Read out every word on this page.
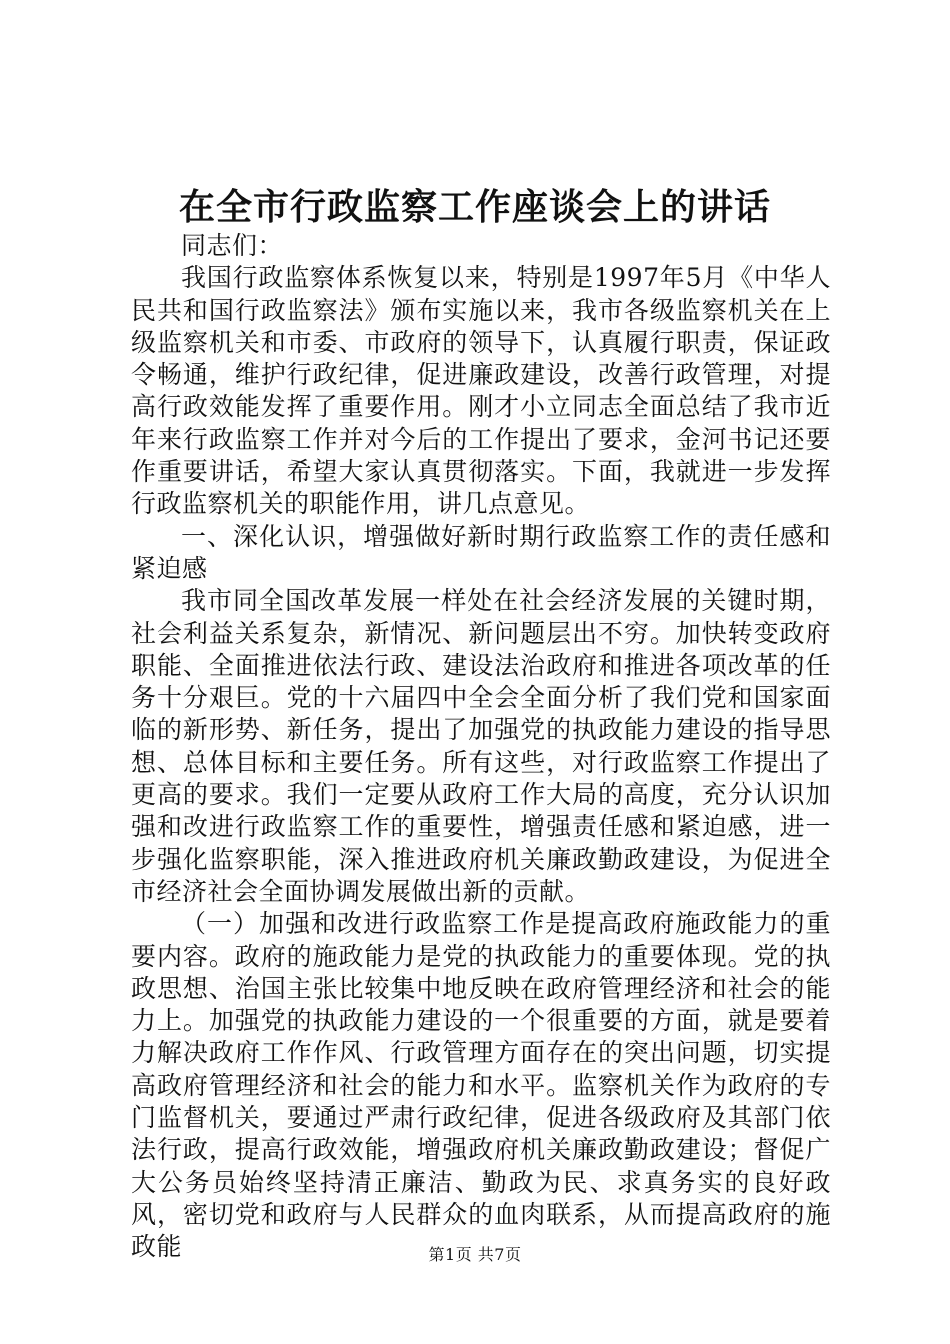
在全市行政监察工作座谈会上的讲话

同志们：

我国行政监察体系恢复以来，特别是1997年5月《中华人民共和国行政监察法》颁布实施以来，我市各级监察机关在上级监察机关和市委、市政府的领导下，认真履行职责，保证政令畅通，维护行政纪律，促进廉政建设，改善行政管理，对提高行政效能发挥了重要作用。刚才小立同志全面总结了我市近年来行政监察工作并对今后的工作提出了要求，金河书记还要作重要讲话，希望大家认真贯彻落实。下面，我就进一步发挥行政监察机关的职能作用，讲几点意见。

一、深化认识，增强做好新时期行政监察工作的责任感和紧迫感

我市同全国改革发展一样处在社会经济发展的关键时期，社会利益关系复杂，新情况、新问题层出不穷。加快转变政府职能、全面推进依法行政、建设法治政府和推进各项改革的任务十分艰巨。党的十六届四中全会全面分析了我们党和国家面临的新形势、新任务，提出了加强党的执政能力建设的指导思想、总体目标和主要任务。所有这些，对行政监察工作提出了更高的要求。我们一定要从政府工作大局的高度，充分认识加强和改进行政监察工作的重要性，增强责任感和紧迫感，进一步强化监察职能，深入推进政府机关廉政勤政建设，为促进全市经济社会全面协调发展做出新的贡献。

（一）加强和改进行政监察工作是提高政府施政能力的重要内容。政府的施政能力是党的执政能力的重要体现。党的执政思想、治国主张比较集中地反映在政府管理经济和社会的能力上。加强党的执政能力建设的一个很重要的方面，就是要着力解决政府工作作风、行政管理方面存在的突出问题，切实提高政府管理经济和社会的能力和水平。监察机关作为政府的专门监督机关，要通过严肃行政纪律，促进各级政府及其部门依法行政，提高行政效能，增强政府机关廉政勤政建设；督促广大公务员始终坚持清正廉洁、勤政为民、求真务实的良好政风，密切党和政府与人民群众的血肉联系，从而提高政府的施政能	第1页 共7页
